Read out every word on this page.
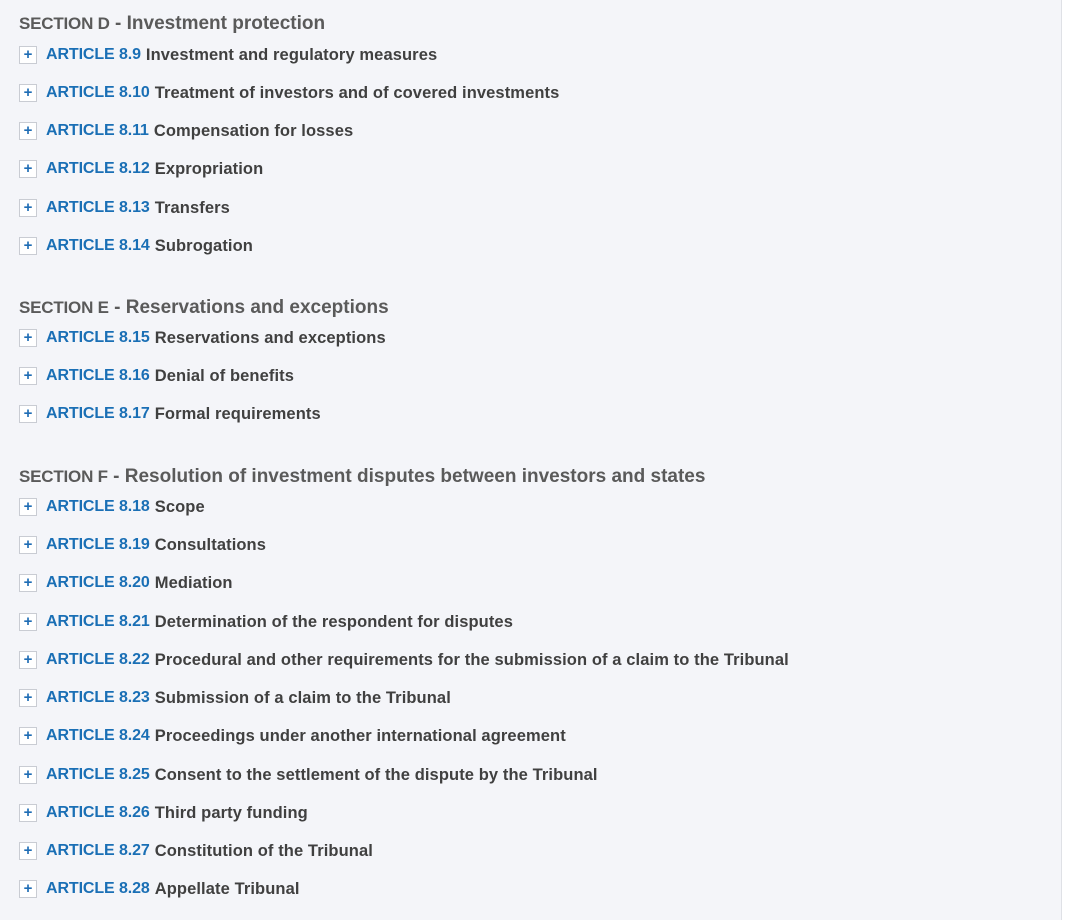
SECTION D - Investment protection
+ ARTICLE 8.9 Investment and regulatory measures
+ ARTICLE 8.10 Treatment of investors and of covered investments
+ ARTICLE 8.11 Compensation for losses
+ ARTICLE 8.12 Expropriation
+ ARTICLE 8.13 Transfers
+ ARTICLE 8.14 Subrogation
SECTION E - Reservations and exceptions
+ ARTICLE 8.15 Reservations and exceptions
+ ARTICLE 8.16 Denial of benefits
+ ARTICLE 8.17 Formal requirements
SECTION F - Resolution of investment disputes between investors and states
+ ARTICLE 8.18 Scope
+ ARTICLE 8.19 Consultations
+ ARTICLE 8.20 Mediation
+ ARTICLE 8.21 Determination of the respondent for disputes
+ ARTICLE 8.22 Procedural and other requirements for the submission of a claim to the Tribunal
+ ARTICLE 8.23 Submission of a claim to the Tribunal
+ ARTICLE 8.24 Proceedings under another international agreement
+ ARTICLE 8.25 Consent to the settlement of the dispute by the Tribunal
+ ARTICLE 8.26 Third party funding
+ ARTICLE 8.27 Constitution of the Tribunal
+ ARTICLE 8.28 Appellate Tribunal
